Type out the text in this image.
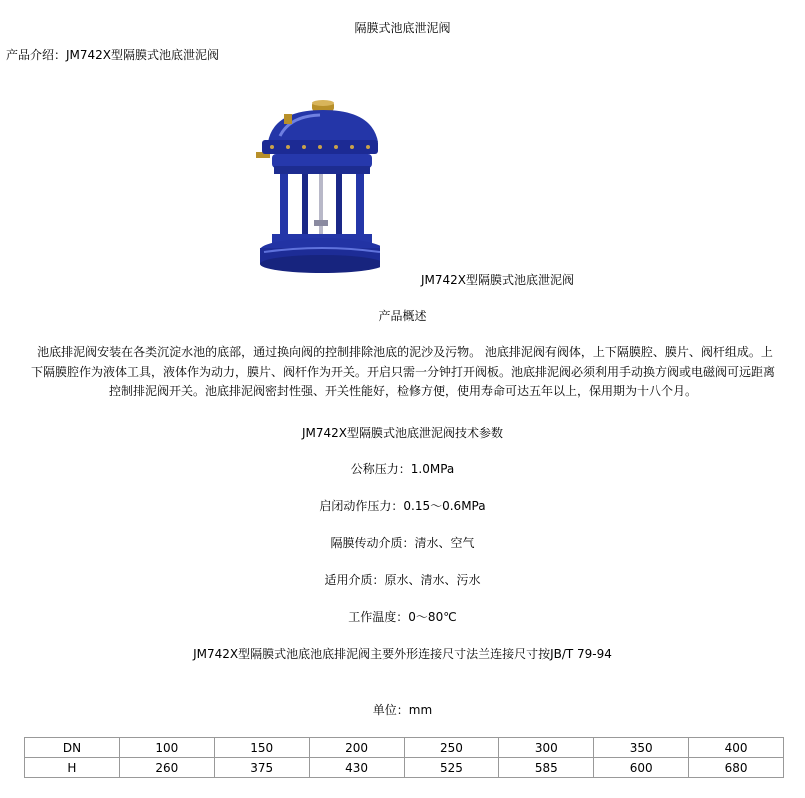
隔膜式池底泄泥阀
产品介绍：JM742X型隔膜式池底泄泥阀
JM742X型隔膜式池底泄泥阀
产品概述
池底排泥阀安装在各类沉淀水池的底部，通过换向阀的控制排除池底的泥沙及污物。 池底排泥阀有阀体，上下隔膜腔、膜片、阀杆组成。上下隔膜腔作为液体工具，液体作为动力，膜片、阀杆作为开关。开启只需一分钟打开阀板。池底排泥阀必须利用手动换方阀或电磁阀可远距离控制排泥阀开关。池底排泥阀密封性强、开关性能好，检修方便，使用寿命可达五年以上，保用期为十八个月。
JM742X型隔膜式池底泄泥阀技术参数
公称压力：1.0MPa
启闭动作压力：0.15～0.6MPa
隔膜传动介质：清水、空气
适用介质：原水、清水、污水
工作温度：0～80℃
JM742X型隔膜式池底池底排泥阀主要外形连接尺寸法兰连接尺寸按JB/T 79-94
单位：mm
DN	100	150	200	250	300	350	400
H	260	375	430	525	585	600	680
